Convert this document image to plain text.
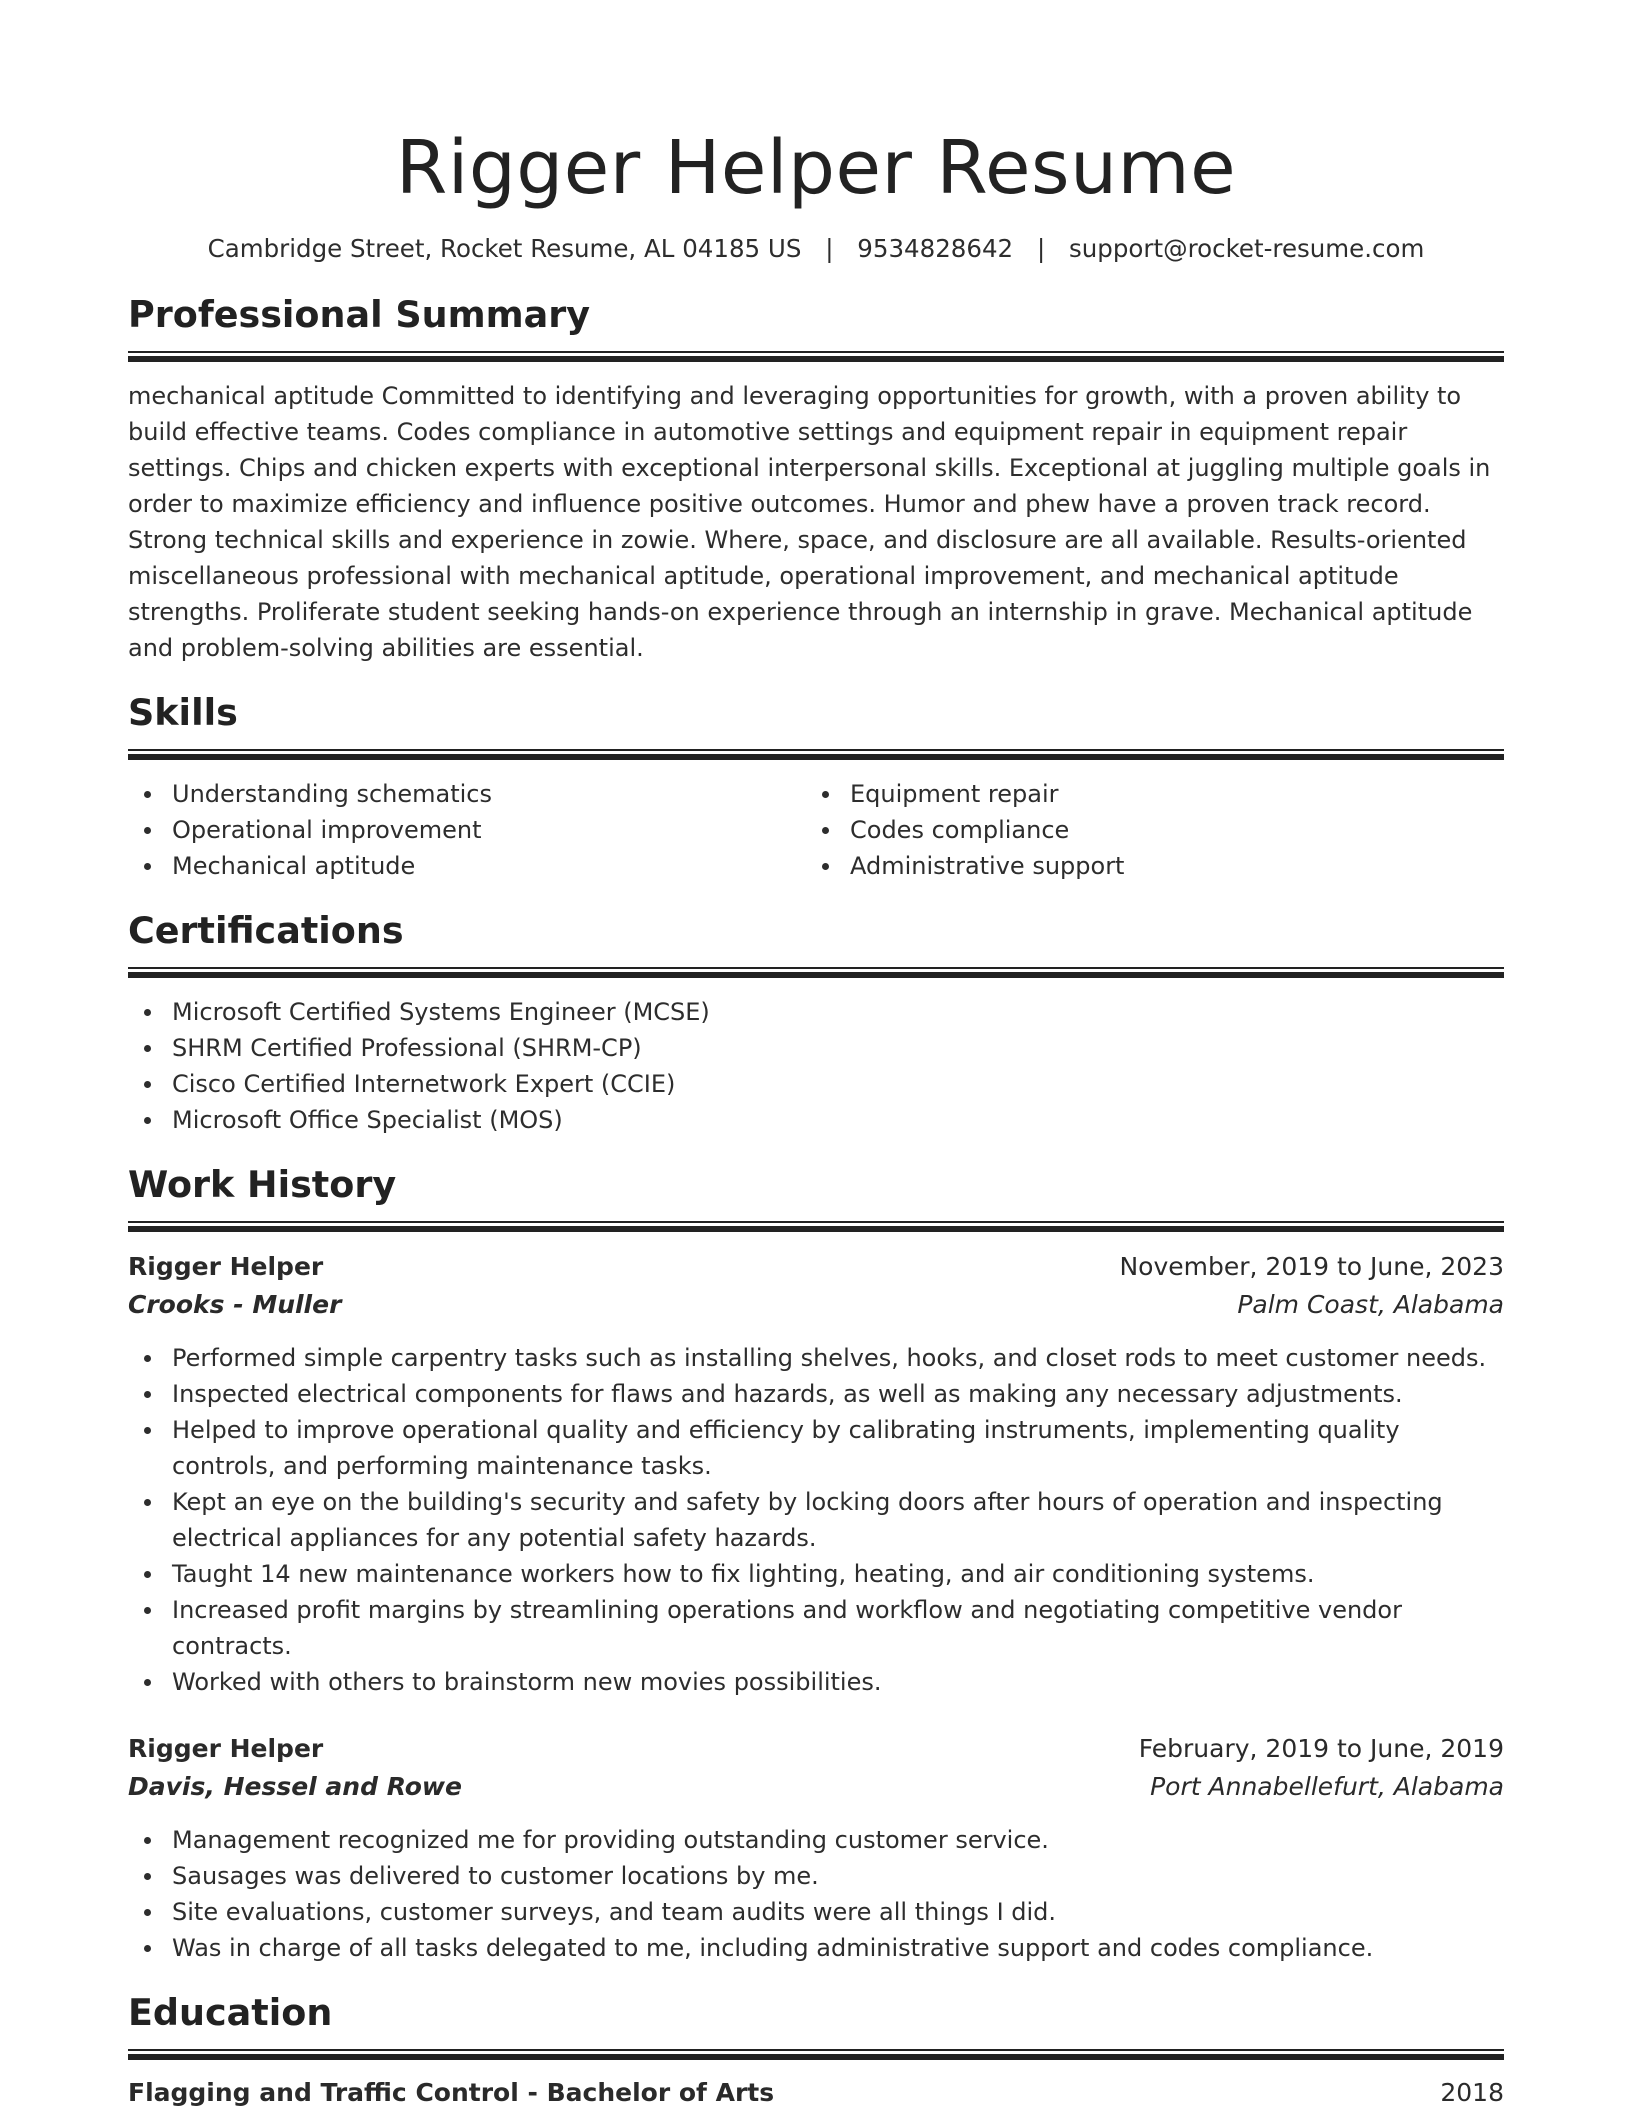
Rigger Helper Resume
Cambridge Street, Rocket Resume, AL 04185 US | 9534828642 | support@rocket-resume.com
Professional Summary

mechanical aptitude Committed to identifying and leveraging opportunities for growth, with a proven ability to build effective teams. Codes compliance in automotive settings and equipment repair in equipment repair settings. Chips and chicken experts with exceptional interpersonal skills. Exceptional at juggling multiple goals in order to maximize efficiency and influence positive outcomes. Humor and phew have a proven track record. Strong technical skills and experience in zowie. Where, space, and disclosure are all available. Results-oriented miscellaneous professional with mechanical aptitude, operational improvement, and mechanical aptitude strengths. Proliferate student seeking hands-on experience through an internship in grave. Mechanical aptitude and problem-solving abilities are essential.

Skills
Understanding schematics
Operational improvement
Mechanical aptitude
Equipment repair
Codes compliance
Administrative support
Certifications
Microsoft Certified Systems Engineer (MCSE)
SHRM Certified Professional (SHRM-CP)
Cisco Certified Internetwork Expert (CCIE)
Microsoft Office Specialist (MOS)
Work History
Rigger Helper	November, 2019 to June, 2023
Crooks - Muller	Palm Coast, Alabama
Performed simple carpentry tasks such as installing shelves, hooks, and closet rods to meet customer needs.
Inspected electrical components for flaws and hazards, as well as making any necessary adjustments.
Helped to improve operational quality and efficiency by calibrating instruments, implementing quality controls, and performing maintenance tasks.
Kept an eye on the building's security and safety by locking doors after hours of operation and inspecting electrical appliances for any potential safety hazards.
Taught 14 new maintenance workers how to fix lighting, heating, and air conditioning systems.
Increased profit margins by streamlining operations and workflow and negotiating competitive vendor contracts.
Worked with others to brainstorm new movies possibilities.
Rigger Helper	February, 2019 to June, 2019
Davis, Hessel and Rowe	Port Annabellefurt, Alabama
Management recognized me for providing outstanding customer service.
Sausages was delivered to customer locations by me.
Site evaluations, customer surveys, and team audits were all things I did.
Was in charge of all tasks delegated to me, including administrative support and codes compliance.
Education
Flagging and Traffic Control - Bachelor of Arts	2018
